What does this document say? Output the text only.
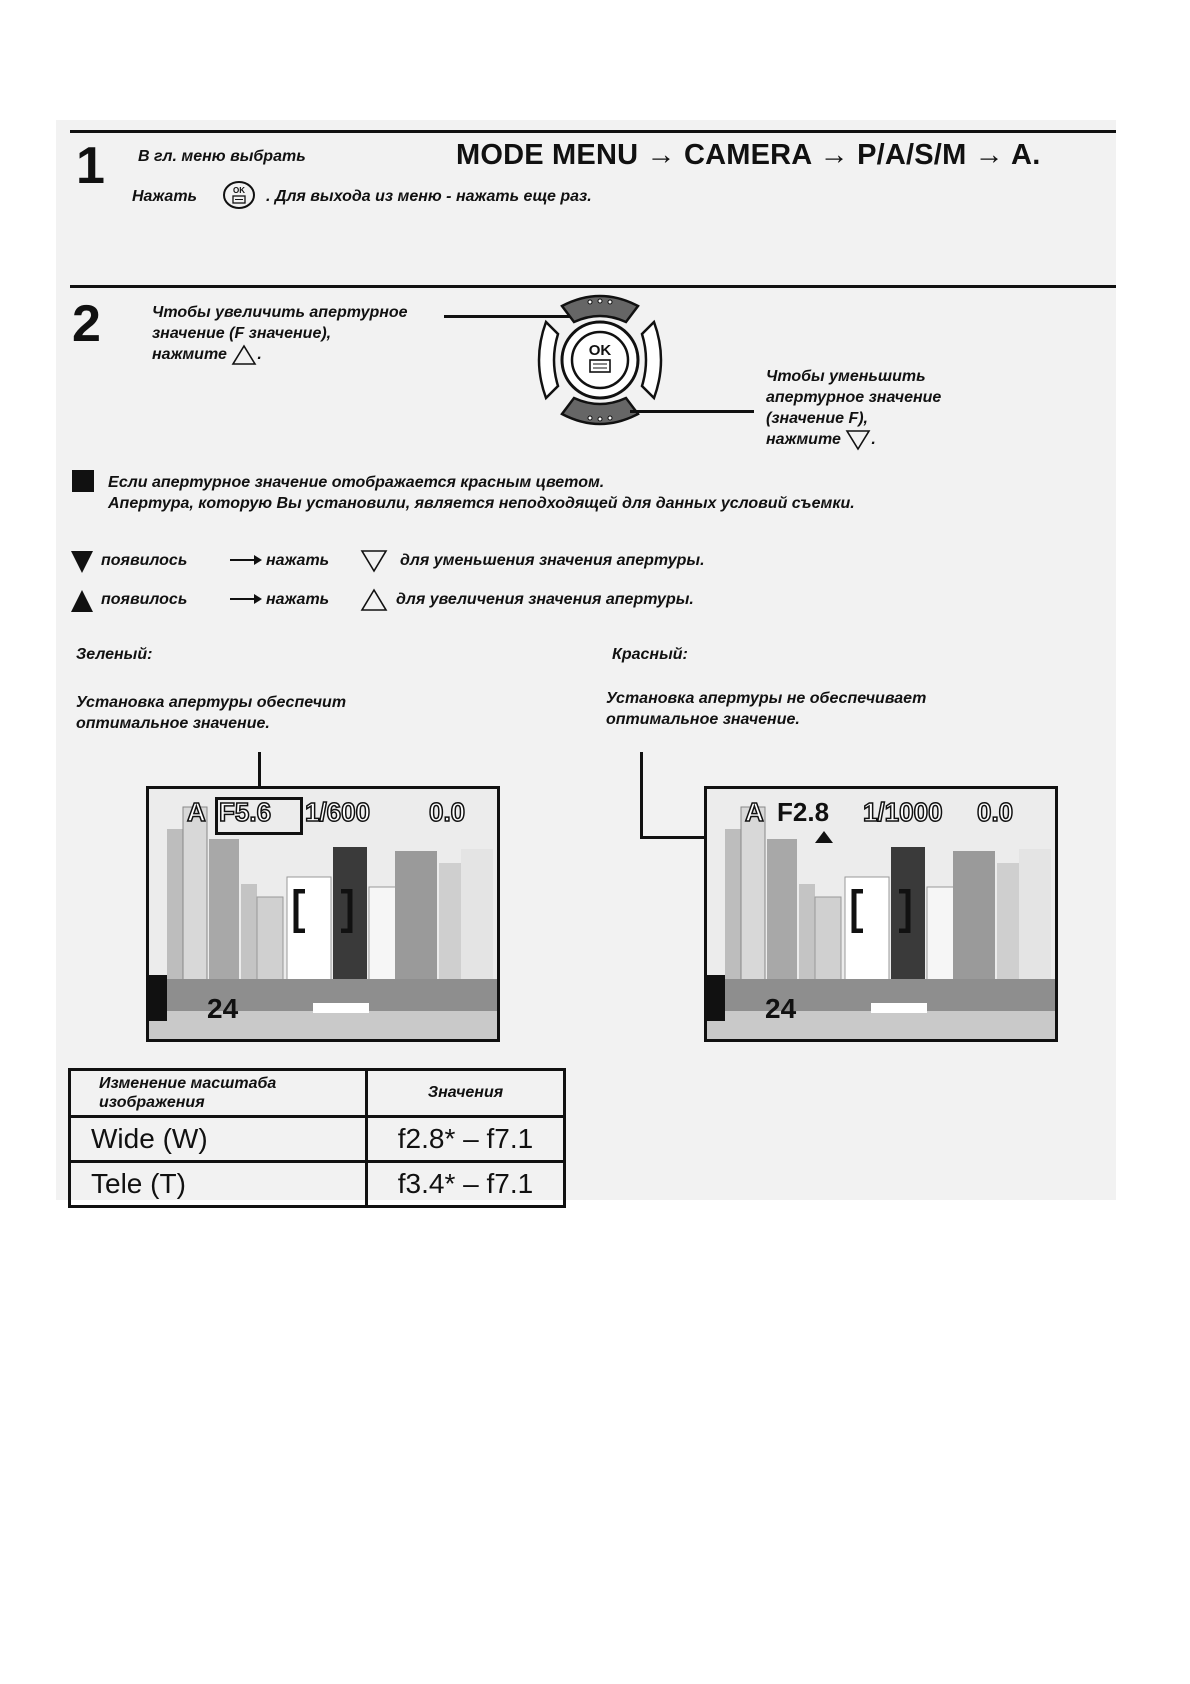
1 В гл. меню выбрать	MODE MENU → CAMERA → P/A/S/M → A.
Нажать	OK . Для выхода из меню - нажать еще раз.
2	Чтобы увеличить апертурное
значение (F значение),
нажмите .	OK
Чтобы уменьшить
апертурное значение
(значение F),
нажмите .
Если апертурное значение отображается красным цветом.
Апертура, которую Вы установили, является неподходящей для данных условий съемки.
появилось	нажать	для уменьшения значения апертуры.
появилось	нажать	для увеличения значения апертуры.
Зеленый:
Установка апертуры обеспечит
оптимальное значение.
Красный:
Установка апертуры не обеспечивает
оптимальное значение.
A F5.6 1/600 0.0
24
A F2.8 1/1000 0.0
24
Изменение масштаба изображения	Значения
Wide (W)	f2.8* – f7.1
Tele (T)	f3.4* – f7.1
